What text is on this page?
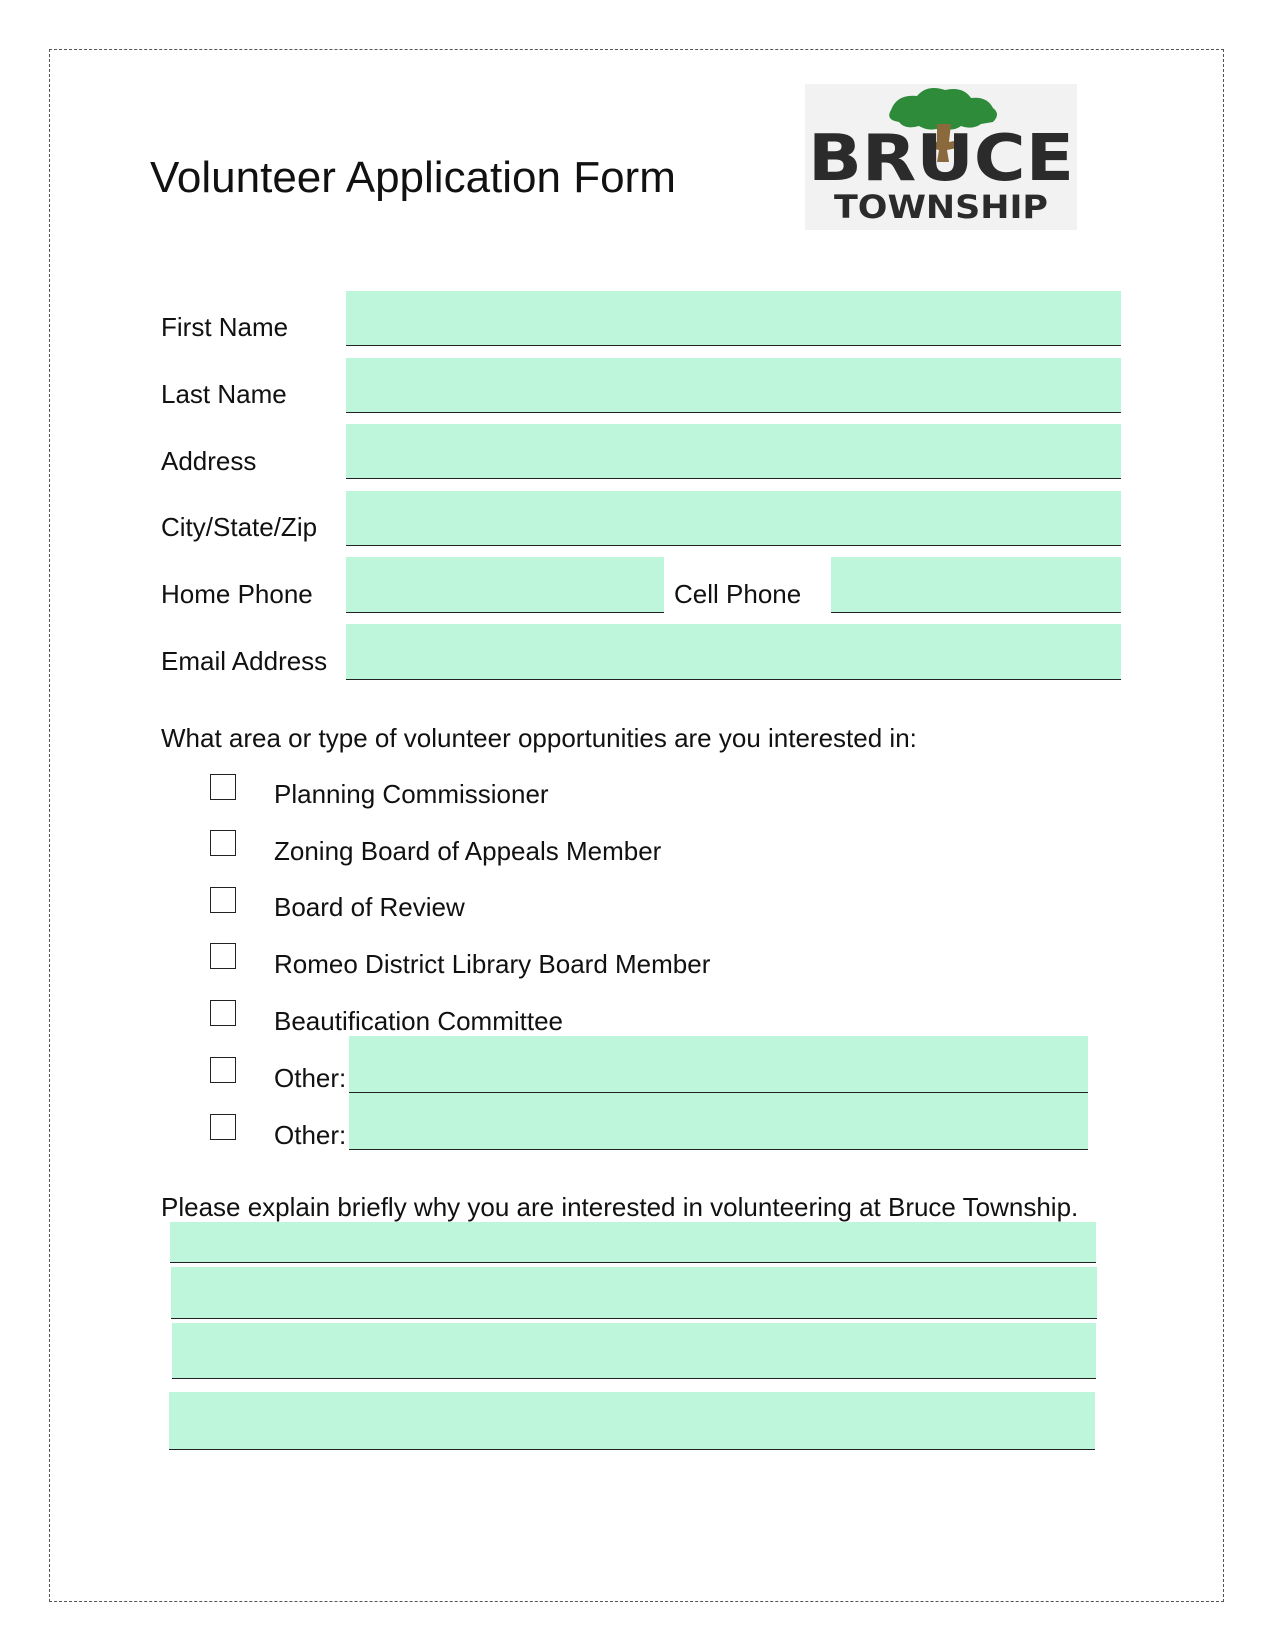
Volunteer Application Form BRUCE
TOWNSHIP
First Name
Last Name
Address
City/State/Zip
Home Phone	Cell Phone
Email Address
What area or type of volunteer opportunities are you interested in:
Planning Commissioner
Zoning Board of Appeals Member
Board of Review
Romeo District Library Board Member
Beautification Committee
Other:
Other:
Please explain briefly why you are interested in volunteering at Bruce Township.
